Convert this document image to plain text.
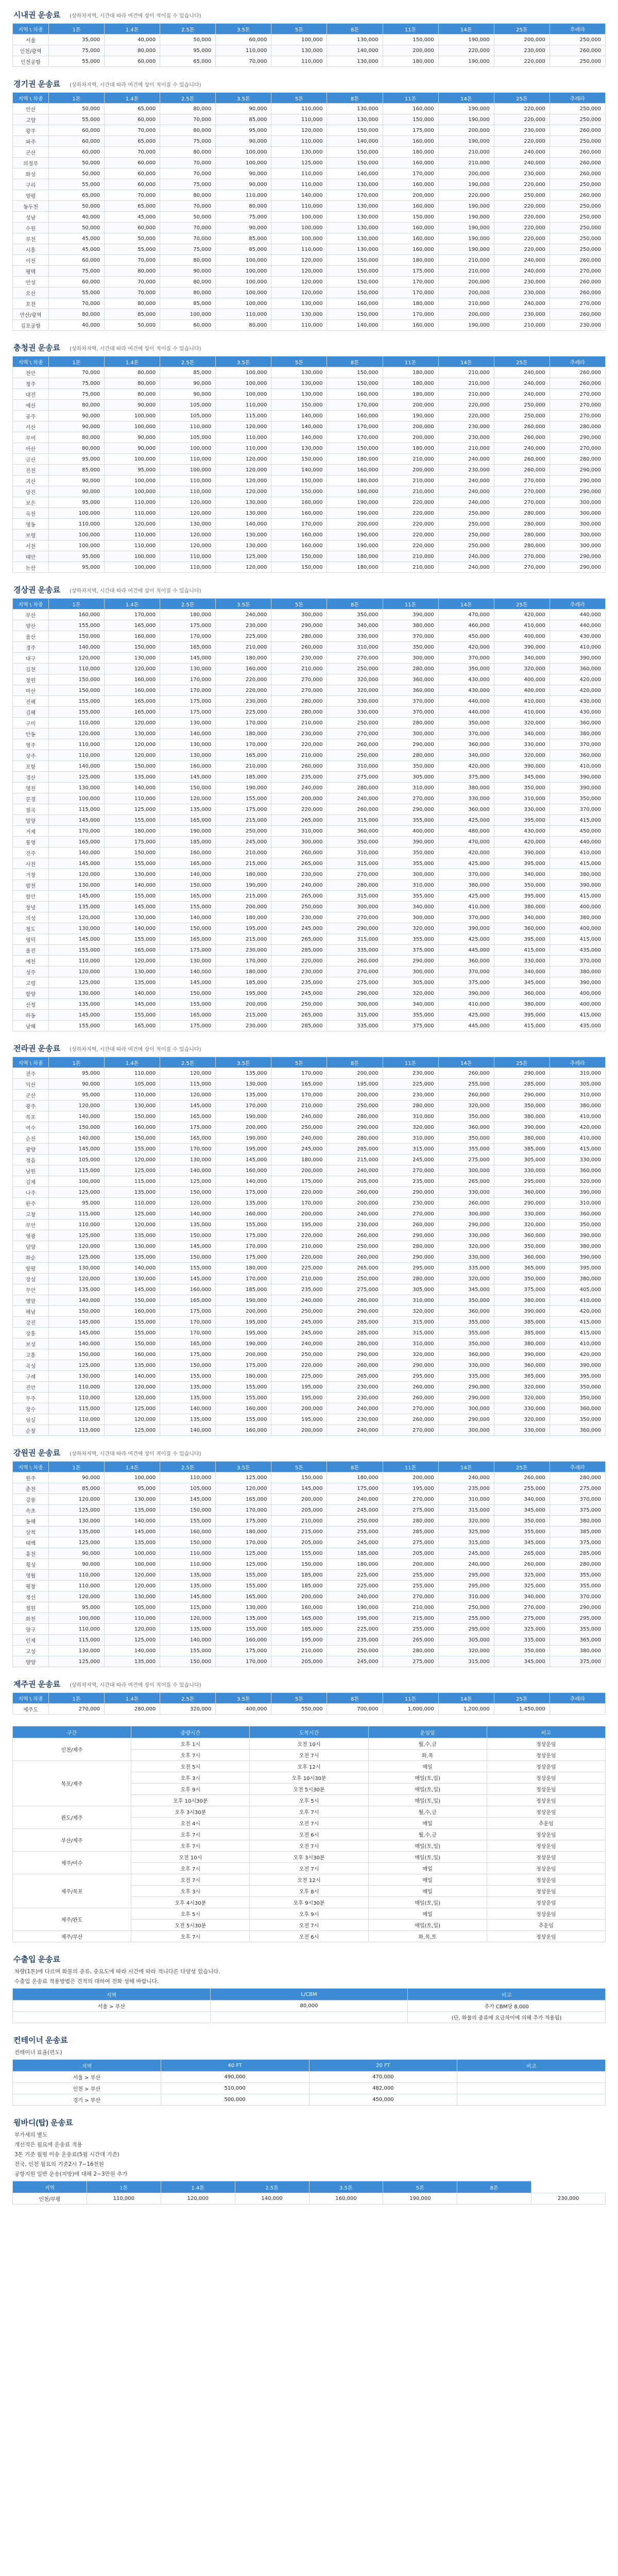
시내권 운송료 (상하차지역, 시간대 따라 여건에 상이 적이질 수 있습니다)
지역 \ 차종	1톤	1.4톤	2.5톤	3.5톤	5톤	8톤	11톤	14톤	25톤	추레라
서울	35,000	40,000	50,000	60,000	100,000	130,000	150,000	190,000	200,000	250,000
인천/광역	75,000	80,000	95,000	110,000	130,000	140,000	200,000	220,000	230,000	260,000
인천공항	55,000	60,000	65,000	70,000	110,000	130,000	180,000	190,000	220,000	250,000
경기권 운송료 (상하차지역, 시간대 따라 여건에 상이 적이질 수 있습니다)
지역 \ 차종	1톤	1.4톤	2.5톤	3.5톤	5톤	8톤	11톤	14톤	25톤	추레라
안산	50,000	65,000	80,000	90,000	110,000	130,000	160,000	190,000	220,000	250,000
고양	55,000	60,000	70,000	85,000	110,000	130,000	150,000	190,000	220,000	250,000
광주	60,000	70,000	80,000	95,000	120,000	150,000	175,000	200,000	230,000	260,000
파주	60,000	65,000	75,000	90,000	110,000	140,000	160,000	190,000	220,000	250,000
군산	60,000	70,000	80,000	100,000	130,000	150,000	180,000	210,000	240,000	260,000
의정부	50,000	60,000	70,000	100,000	125,000	150,000	160,000	210,000	240,000	260,000
화성	50,000	60,000	70,000	90,000	110,000	140,000	170,000	200,000	230,000	260,000
구리	55,000	60,000	75,000	90,000	110,000	130,000	160,000	190,000	220,000	250,000
양평	65,000	70,000	80,000	110,000	140,000	170,000	200,000	220,000	250,000	260,000
동두천	50,000	65,000	70,000	80,000	110,000	130,000	160,000	190,000	220,000	250,000
성남	40,000	45,000	50,000	75,000	100,000	130,000	150,000	190,000	220,000	250,000
수원	50,000	60,000	70,000	90,000	100,000	130,000	160,000	190,000	220,000	250,000
부천	45,000	50,000	70,000	85,000	100,000	130,000	160,000	190,000	220,000	250,000
시흥	45,000	55,000	75,000	85,000	110,000	130,000	160,000	190,000	220,000	250,000
이천	60,000	70,000	80,000	100,000	120,000	150,000	180,000	210,000	240,000	260,000
평택	75,000	80,000	90,000	100,000	120,000	150,000	175,000	210,000	240,000	270,000
안성	60,000	70,000	80,000	100,000	120,000	150,000	170,000	200,000	230,000	260,000
오산	55,000	70,000	80,000	100,000	120,000	150,000	170,000	200,000	230,000	260,000
포천	70,000	80,000	85,000	100,000	130,000	160,000	180,000	210,000	240,000	270,000
안산/광역	80,000	85,000	100,000	110,000	130,000	150,000	170,000	200,000	230,000	260,000
김포공항	40,000	50,000	60,000	80,000	110,000	140,000	160,000	190,000	210,000	230,000
충청권 운송료 (상하차지역, 시간대 따라 여건에 상이 적이질 수 있습니다)
지역 \ 차종	1톤	1.4톤	2.5톤	3.5톤	5톤	8톤	11톤	14톤	25톤	추레라
천안	70,000	80,000	85,000	100,000	130,000	150,000	180,000	210,000	240,000	260,000
청주	75,000	80,000	90,000	100,000	130,000	150,000	180,000	210,000	240,000	260,000
대전	75,000	80,000	90,000	100,000	130,000	160,000	180,000	210,000	240,000	270,000
예산	80,000	90,000	105,000	110,000	150,000	170,000	200,000	220,000	250,000	270,000
공주	90,000	100,000	105,000	115,000	140,000	160,000	190,000	220,000	250,000	270,000
서산	90,000	100,000	110,000	120,000	140,000	170,000	200,000	230,000	260,000	280,000
부여	80,000	90,000	105,000	110,000	140,000	170,000	200,000	230,000	260,000	290,000
아산	80,000	90,000	100,000	110,000	130,000	150,000	180,000	210,000	240,000	270,000
금산	95,000	100,000	110,000	120,000	150,000	180,000	210,000	240,000	260,000	280,000
진천	85,000	95,000	100,000	120,000	140,000	160,000	200,000	230,000	260,000	290,000
괴산	90,000	100,000	110,000	120,000	150,000	180,000	210,000	240,000	270,000	290,000
당진	90,000	100,000	110,000	120,000	150,000	180,000	210,000	240,000	270,000	290,000
보은	95,000	110,000	120,000	130,000	160,000	190,000	220,000	240,000	270,000	300,000
옥천	100,000	110,000	120,000	130,000	160,000	190,000	220,000	250,000	280,000	300,000
영동	110,000	120,000	130,000	140,000	170,000	200,000	220,000	250,000	280,000	300,000
보령	100,000	110,000	120,000	130,000	160,000	190,000	220,000	250,000	280,000	300,000
서천	100,000	110,000	120,000	130,000	160,000	190,000	220,000	250,000	280,000	300,000
태안	95,000	100,000	110,000	125,000	150,000	180,000	210,000	240,000	270,000	290,000
논산	95,000	100,000	110,000	120,000	150,000	180,000	210,000	240,000	270,000	290,000
경상권 운송료 (상하차지역, 시간대 따라 여건에 상이 적이질 수 있습니다)
지역 \ 차종	1톤	1.4톤	2.5톤	3.5톤	5톤	8톤	11톤	14톤	25톤	추레라
부산	160,000	170,000	180,000	240,000	300,000	350,000	390,000	470,000	420,000	440,000
양산	155,000	165,000	175,000	230,000	290,000	340,000	380,000	460,000	410,000	440,000
울산	150,000	160,000	170,000	225,000	280,000	330,000	370,000	450,000	400,000	430,000
경주	140,000	150,000	165,000	210,000	260,000	310,000	350,000	420,000	390,000	410,000
대구	120,000	130,000	145,000	180,000	230,000	270,000	300,000	370,000	340,000	390,000
김천	110,000	120,000	130,000	160,000	210,000	250,000	280,000	350,000	320,000	360,000
창원	150,000	160,000	170,000	220,000	270,000	320,000	360,000	430,000	400,000	420,000
마산	150,000	160,000	170,000	220,000	270,000	320,000	360,000	430,000	400,000	420,000
진해	155,000	165,000	175,000	230,000	280,000	330,000	370,000	440,000	410,000	430,000
김해	155,000	165,000	175,000	225,000	280,000	330,000	370,000	440,000	410,000	430,000
구미	110,000	120,000	130,000	170,000	210,000	250,000	280,000	350,000	320,000	360,000
안동	120,000	130,000	140,000	180,000	230,000	270,000	300,000	370,000	340,000	380,000
영주	110,000	120,000	130,000	170,000	220,000	260,000	290,000	360,000	330,000	370,000
상주	110,000	120,000	130,000	165,000	210,000	250,000	280,000	340,000	320,000	360,000
포항	140,000	150,000	160,000	210,000	260,000	310,000	350,000	420,000	390,000	410,000
경산	125,000	135,000	145,000	185,000	235,000	275,000	305,000	375,000	345,000	390,000
영천	130,000	140,000	150,000	190,000	240,000	280,000	310,000	380,000	350,000	390,000
문경	100,000	110,000	120,000	155,000	200,000	240,000	270,000	330,000	310,000	350,000
칠곡	115,000	125,000	135,000	175,000	220,000	260,000	290,000	360,000	330,000	370,000
밀양	145,000	155,000	165,000	215,000	265,000	315,000	355,000	425,000	395,000	415,000
거제	170,000	180,000	190,000	250,000	310,000	360,000	400,000	480,000	430,000	450,000
통영	165,000	175,000	185,000	245,000	300,000	350,000	390,000	470,000	420,000	440,000
진주	140,000	150,000	160,000	210,000	260,000	310,000	350,000	420,000	390,000	410,000
사천	145,000	155,000	165,000	215,000	265,000	315,000	355,000	425,000	395,000	415,000
거창	120,000	130,000	140,000	180,000	230,000	270,000	300,000	370,000	340,000	380,000
합천	130,000	140,000	150,000	190,000	240,000	280,000	310,000	380,000	350,000	390,000
함안	145,000	155,000	165,000	215,000	265,000	315,000	355,000	425,000	395,000	415,000
창녕	135,000	145,000	155,000	200,000	250,000	300,000	340,000	410,000	380,000	400,000
의성	120,000	130,000	140,000	180,000	230,000	270,000	300,000	370,000	340,000	380,000
청도	130,000	140,000	150,000	195,000	245,000	290,000	320,000	390,000	360,000	400,000
영덕	145,000	155,000	165,000	215,000	265,000	315,000	355,000	425,000	395,000	415,000
울진	155,000	165,000	175,000	230,000	285,000	335,000	375,000	445,000	415,000	435,000
예천	110,000	120,000	130,000	170,000	220,000	260,000	290,000	360,000	330,000	370,000
성주	120,000	130,000	140,000	180,000	230,000	270,000	300,000	370,000	340,000	380,000
고령	125,000	135,000	145,000	185,000	235,000	275,000	305,000	375,000	345,000	390,000
함양	130,000	140,000	150,000	195,000	245,000	290,000	320,000	390,000	360,000	400,000
산청	135,000	145,000	155,000	200,000	250,000	300,000	340,000	410,000	380,000	400,000
하동	145,000	155,000	165,000	215,000	265,000	315,000	355,000	425,000	395,000	415,000
남해	155,000	165,000	175,000	230,000	285,000	335,000	375,000	445,000	415,000	435,000
전라권 운송료 (상하차지역, 시간대 따라 여건에 상이 적이질 수 있습니다)
지역 \ 차종	1톤	1.4톤	2.5톤	3.5톤	5톤	8톤	11톤	14톤	25톤	추레라
전주	95,000	110,000	120,000	135,000	170,000	200,000	230,000	260,000	290,000	310,000
익산	90,000	105,000	115,000	130,000	165,000	195,000	225,000	255,000	285,000	305,000
군산	95,000	110,000	120,000	135,000	170,000	200,000	230,000	260,000	290,000	310,000
광주	120,000	130,000	145,000	170,000	210,000	250,000	280,000	320,000	350,000	380,000
목포	140,000	150,000	165,000	190,000	240,000	280,000	310,000	350,000	380,000	410,000
여수	150,000	160,000	175,000	200,000	250,000	290,000	320,000	360,000	390,000	420,000
순천	140,000	150,000	165,000	190,000	240,000	280,000	310,000	350,000	380,000	410,000
광양	145,000	155,000	170,000	195,000	245,000	285,000	315,000	355,000	385,000	415,000
정읍	105,000	120,000	130,000	145,000	180,000	215,000	245,000	275,000	305,000	330,000
남원	115,000	125,000	140,000	160,000	200,000	240,000	270,000	300,000	330,000	360,000
김제	100,000	115,000	125,000	140,000	175,000	205,000	235,000	265,000	295,000	320,000
나주	125,000	135,000	150,000	175,000	220,000	260,000	290,000	330,000	360,000	390,000
완주	95,000	110,000	120,000	135,000	170,000	200,000	230,000	260,000	290,000	310,000
고창	115,000	125,000	140,000	160,000	200,000	240,000	270,000	300,000	330,000	360,000
부안	110,000	120,000	135,000	155,000	195,000	230,000	260,000	290,000	320,000	350,000
영광	125,000	135,000	150,000	175,000	220,000	260,000	290,000	330,000	360,000	390,000
담양	120,000	130,000	145,000	170,000	210,000	250,000	280,000	320,000	350,000	380,000
화순	125,000	135,000	150,000	175,000	220,000	260,000	290,000	330,000	360,000	390,000
함평	130,000	140,000	155,000	180,000	225,000	265,000	295,000	335,000	365,000	395,000
장성	120,000	130,000	145,000	170,000	210,000	250,000	280,000	320,000	350,000	380,000
무안	135,000	145,000	160,000	185,000	235,000	275,000	305,000	345,000	375,000	405,000
영암	140,000	150,000	165,000	190,000	240,000	280,000	310,000	350,000	380,000	410,000
해남	150,000	160,000	175,000	200,000	250,000	290,000	320,000	360,000	390,000	420,000
강진	145,000	155,000	170,000	195,000	245,000	285,000	315,000	355,000	385,000	415,000
장흥	145,000	155,000	170,000	195,000	245,000	285,000	315,000	355,000	385,000	415,000
보성	140,000	150,000	165,000	190,000	240,000	280,000	310,000	350,000	380,000	410,000
고흥	150,000	160,000	175,000	200,000	250,000	290,000	320,000	360,000	390,000	420,000
곡성	125,000	135,000	150,000	175,000	220,000	260,000	290,000	330,000	360,000	390,000
구례	130,000	140,000	155,000	180,000	225,000	265,000	295,000	335,000	365,000	395,000
진안	110,000	120,000	135,000	155,000	195,000	230,000	260,000	290,000	320,000	350,000
무주	110,000	120,000	135,000	155,000	195,000	230,000	260,000	290,000	320,000	350,000
장수	115,000	125,000	140,000	160,000	200,000	240,000	270,000	300,000	330,000	360,000
임실	110,000	120,000	135,000	155,000	195,000	230,000	260,000	290,000	320,000	350,000
순창	115,000	125,000	140,000	160,000	200,000	240,000	270,000	300,000	330,000	360,000
강원권 운송료 (상하차지역, 시간대 따라 여건에 상이 적이질 수 있습니다)
지역 \ 차종	1톤	1.4톤	2.5톤	3.5톤	5톤	8톤	11톤	14톤	25톤	추레라
원주	90,000	100,000	110,000	125,000	150,000	180,000	200,000	240,000	260,000	280,000
춘천	85,000	95,000	105,000	120,000	145,000	175,000	195,000	235,000	255,000	275,000
강릉	120,000	130,000	145,000	165,000	200,000	240,000	270,000	310,000	340,000	370,000
속초	125,000	135,000	150,000	170,000	205,000	245,000	275,000	315,000	345,000	375,000
동해	130,000	140,000	155,000	175,000	210,000	250,000	280,000	320,000	350,000	380,000
삼척	135,000	145,000	160,000	180,000	215,000	255,000	285,000	325,000	355,000	385,000
태백	125,000	135,000	150,000	170,000	205,000	245,000	275,000	315,000	345,000	375,000
홍천	90,000	100,000	110,000	125,000	155,000	185,000	205,000	245,000	265,000	285,000
횡성	90,000	100,000	110,000	125,000	150,000	180,000	200,000	240,000	260,000	280,000
영월	110,000	120,000	135,000	155,000	185,000	225,000	255,000	295,000	325,000	355,000
평창	110,000	120,000	135,000	155,000	185,000	225,000	255,000	295,000	325,000	355,000
정선	120,000	130,000	145,000	165,000	200,000	240,000	270,000	310,000	340,000	370,000
철원	95,000	105,000	115,000	130,000	160,000	190,000	210,000	250,000	270,000	290,000
화천	100,000	110,000	120,000	135,000	165,000	195,000	215,000	255,000	275,000	295,000
양구	110,000	120,000	135,000	155,000	185,000	225,000	255,000	295,000	325,000	355,000
인제	115,000	125,000	140,000	160,000	195,000	235,000	265,000	305,000	335,000	365,000
고성	130,000	140,000	155,000	175,000	210,000	250,000	280,000	320,000	350,000	380,000
양양	125,000	135,000	150,000	170,000	205,000	245,000	275,000	315,000	345,000	375,000
제주권 운송료 (상하차지역, 시간대 따라 여건에 상이 적이질 수 있습니다)
지역 \ 차종	1톤	1.4톤	2.5톤	3.5톤	5톤	8톤	11톤	14톤	25톤	추레라
제주도	270,000	280,000	320,000	400,000	550,000	700,000	1,000,000	1,200,000	1,450,000	
구간	중량시간	도착시간	운임일	비고
인천/제주	오후 1시	오전 10시	월,수,금	정상운임
	오후 7시	오전 7시	화,목	정상운임
목포/제주	오전 5시	오후 12시	매일	정상운임
	오후 3시	오후 10시30분	매일(토,일)	정상운임
	오후 9시	오전 5시30분	매일(토,일)	정상운임
	오후 10시30분	오후 5시	매일(토,일)	정상운임
완도/제주	오후 3시30분	오후 7시	월,수,금	정상운임
	오전 4시	오전 7시	매일	추운임
부산/제주	오후 7시	오전 6시	월,수,금	정상운임
	오후 7시	오전 7시	매일(토,일)	정상운임
제주/여수	오전 10시	오후 3시30분	매일(토,일)	정상운임
	오후 7시	오전 7시	매일	정상운임
제주/목포	오전 7시	오전 12시	매일	정상운임
	오후 3시	오후 8시	매일	정상운임
	오후 4시30분	오후 9시30분	매일(토,일)	정상운임
제주/완도	오후 5시	오후 9시	매일	정상운임
	오전 5시30분	오전 7시	매일(토,일)	추운임
제주/부산	오후 7시	오전 6시	화,목,토	정상운임
수출입 운송료
차량(1톤)에 다르며 화물의 종류, 중요도에 따라 시간에 따라 적니다른 다양성 있습니다.
수출입 운송료 적용방법은 견적의 대하여 전화 성해 바랍니다.
지역	L/CBM	비고
서울 > 부산	80,000	추가 CBM당 8,000
		(단, 화물의 중류에 요금차이에 의해 추가 적용됨)
컨테이너 운송료
컨테이너 료율(편도)
지역	40 FT	20 FT	비고
서울 > 부산	490,000	470,000	
인천 > 부산	510,000	482,000	
경기 > 부산	500,000	450,000	
윙바디(탑) 운송료
부가세의 별도
개선적은 월요에 운송료 적용
3톤 기준 월평 이송 운송료(5월 시간대 기준)
전국, 인천 월요의 기준2시 7~16천원
공항지원 일반 운송(지방)에 대해 2~3만원 추가
지역	1톤	1.4톤	2.5톤	3.5톤	5톤	8톤	
인천/부평	110,000	120,000	140,000	160,000	190,000		230,000
